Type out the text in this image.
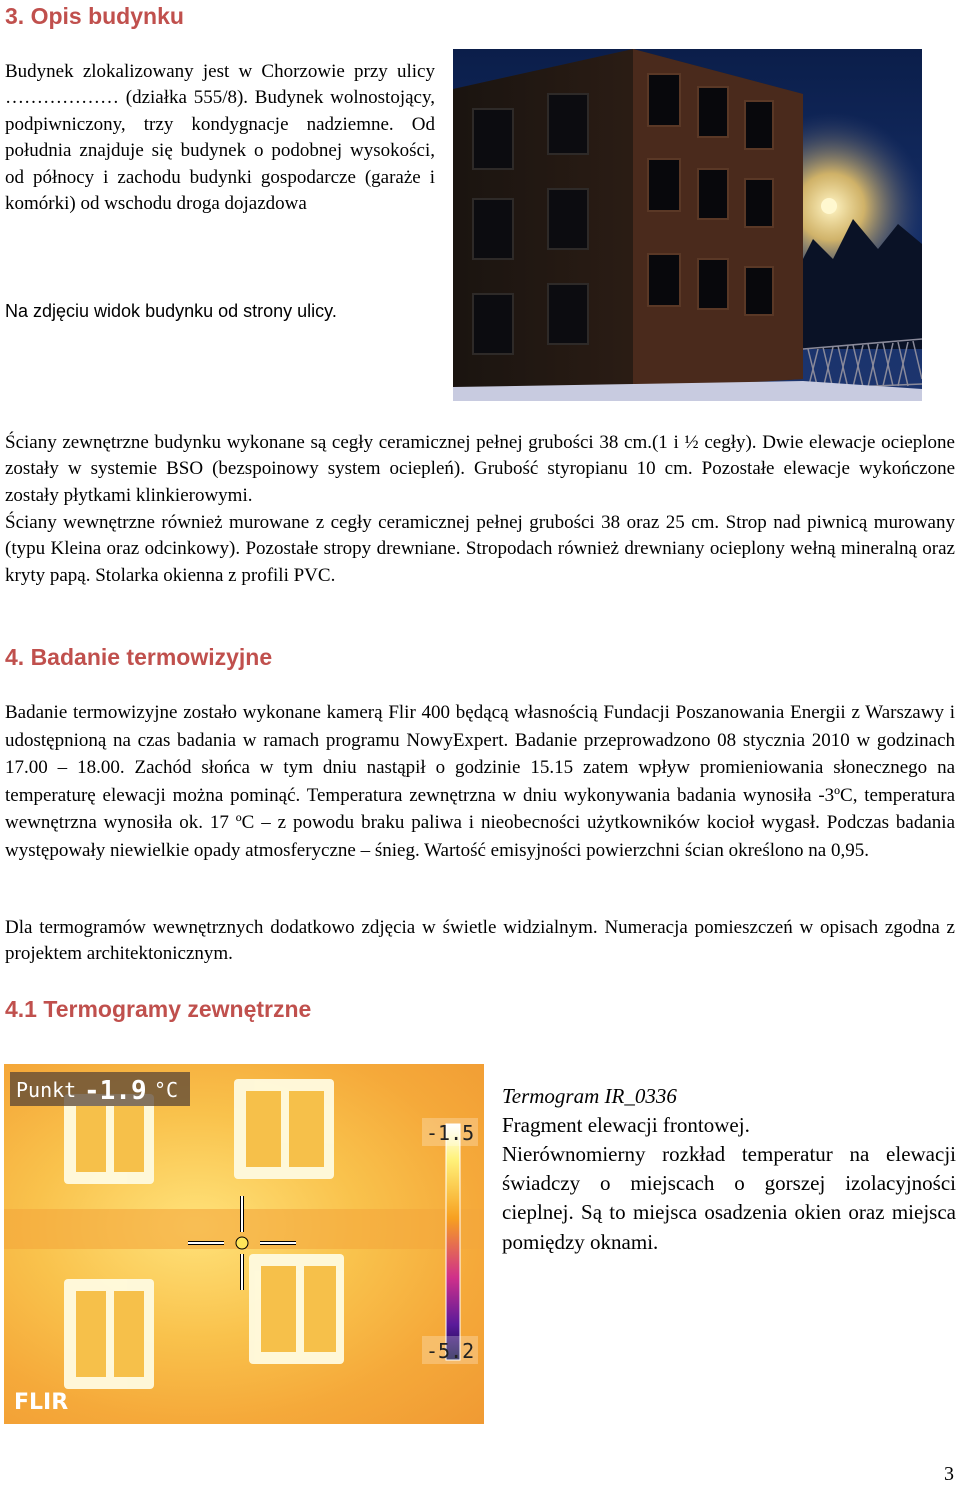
3. Opis budynku

Budynek zlokalizowany jest w Chorzowie przy ulicy ……………… (działka 555/8). Budynek wolnostojący, podpiwniczony, trzy kondygnacje nadziemne. Od południa znajduje się budynek o podobnej wysokości, od północy i zachodu budynki gospodarcze (garaże i komórki) od wschodu droga dojazdowa

Na zdjęciu widok budynku od strony ulicy.

Ściany zewnętrzne budynku wykonane są cegły ceramicznej pełnej grubości 38 cm.(1 i ½ cegły). Dwie elewacje ocieplone zostały w systemie BSO (bezspoinowy system ociepleń). Grubość styropianu 10 cm. Pozostałe elewacje wykończone zostały płytkami klinkierowymi.

Ściany wewnętrzne również murowane z cegły ceramicznej pełnej grubości 38 oraz 25 cm. Strop nad piwnicą murowany (typu Kleina oraz odcinkowy). Pozostałe stropy drewniane. Stropodach również drewniany ocieplony wełną mineralną oraz kryty papą. Stolarka okienna z profili PVC.

4. Badanie termowizyjne

Badanie termowizyjne zostało wykonane kamerą Flir 400 będącą własnością Fundacji Poszanowania Energii z Warszawy i udostępnioną na czas badania w ramach programu NowyExpert. Badanie przeprowadzono 08 stycznia 2010 w godzinach 17.00 – 18.00. Zachód słońca w tym dniu nastąpił o godzinie 15.15 zatem wpływ promieniowania słonecznego na temperaturę elewacji można pominąć. Temperatura zewnętrzna w dniu wykonywania badania wynosiła -3ºC, temperatura wewnętrzna wynosiła ok. 17 ºC – z powodu braku paliwa i nieobecności użytkowników kocioł wygasł. Podczas badania występowały niewielkie opady atmosferyczne – śnieg. Wartość emisyjności powierzchni ścian określono na 0,95.

Dla termogramów wewnętrznych dodatkowo zdjęcia w świetle widzialnym. Numeracja pomieszczeń w opisach zgodna z projektem architektonicznym.

4.1 Termogramy zewnętrzne
Punkt -1.9 °C
-1.5
-5.2
FLIR

Termogram IR_0336

Fragment elewacji frontowej.

Nierównomierny rozkład temperatur na elewacji świadczy o miejscach o gorszej izolacyjności cieplnej. Są to miejsca osadzenia okien oraz miejsca pomiędzy oknami.

3
